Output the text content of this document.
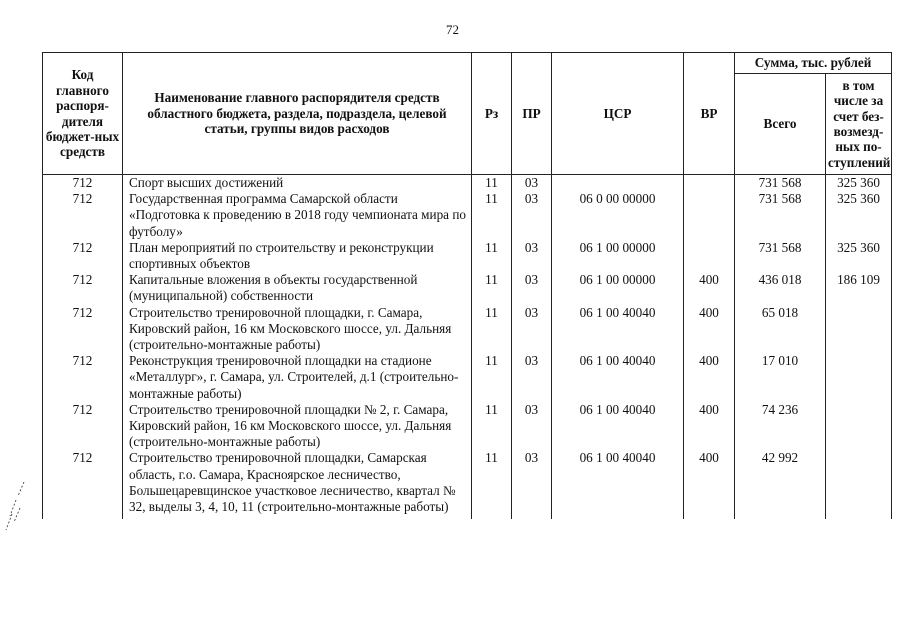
72
Код главного распоря-дителя бюджет-ных средств	Наименование главного распорядителя средств областного бюджета, раздела, подраздела, целевой статьи, группы видов расходов	Рз	ПР	ЦСР	ВР	Сумма, тыс. рублей	
						Всего	в том числе за счет без-возмезд-ных по-ступлений
712	Спорт высших достижений	11	03			731 568	325 360
712	Государственная программа Самарской области «Подготовка к проведению в 2018 году чемпионата мира по футболу»	11	03	06 0 00 00000		731 568	325 360
712	План мероприятий по строительству и реконструкции спортивных объектов	11	03	06 1 00 00000		731 568	325 360
712	Капитальные вложения в объекты государственной (муниципальной) собственности	11	03	06 1 00 00000	400	436 018	186 109
712	Строительство тренировочной площадки, г. Самара, Кировский район, 16 км Московского шоссе, ул. Дальняя (строительно-монтажные работы)	11	03	06 1 00 40040	400	65 018	
712	Реконструкция тренировочной площадки на стадионе «Металлург», г. Самара, ул. Строителей, д.1 (строительно-монтажные работы)	11	03	06 1 00 40040	400	17 010	
712	Строительство тренировочной площадки № 2, г. Самара, Кировский район, 16 км Московского шоссе, ул. Дальняя (строительно-монтажные работы)	11	03	06 1 00 40040	400	74 236	
712	Строительство тренировочной площадки, Самарская область, г.о. Самара, Красноярское лесничество, Большецаревщинское участковое лесничество, квартал № 32, выделы 3, 4, 10, 11 (строительно-монтажные работы)	11	03	06 1 00 40040	400	42 992	
